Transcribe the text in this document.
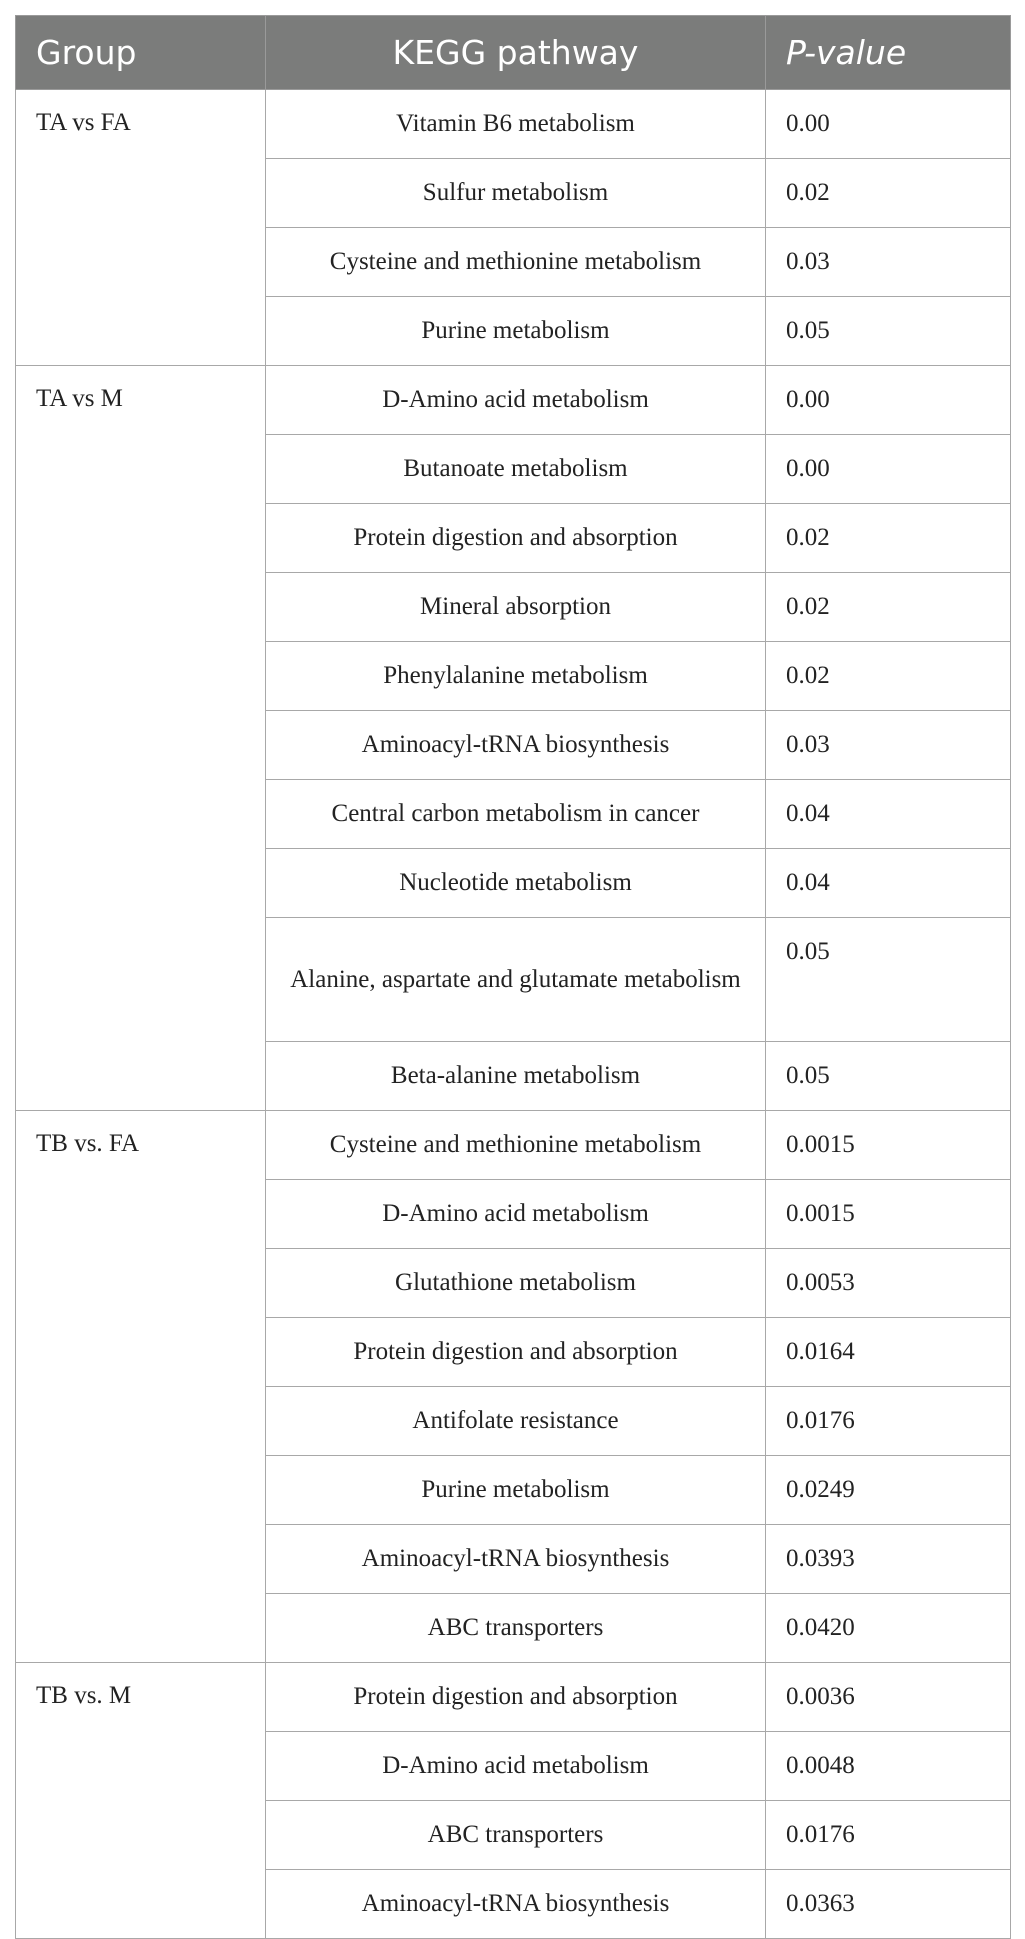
Group	KEGG pathway	P-value
TA vs FA	Vitamin B6 metabolism	0.00
	Sulfur metabolism	0.02
	Cysteine and methionine metabolism	0.03
	Purine metabolism	0.05
TA vs M	D-Amino acid metabolism	0.00
	Butanoate metabolism	0.00
	Protein digestion and absorption	0.02
	Mineral absorption	0.02
	Phenylalanine metabolism	0.02
	Aminoacyl-tRNA biosynthesis	0.03
	Central carbon metabolism in cancer	0.04
	Nucleotide metabolism	0.04
	Alanine, aspartate and glutamate metabolism	0.05
	Beta-alanine metabolism	0.05
TB vs. FA	Cysteine and methionine metabolism	0.0015
	D-Amino acid metabolism	0.0015
	Glutathione metabolism	0.0053
	Protein digestion and absorption	0.0164
	Antifolate resistance	0.0176
	Purine metabolism	0.0249
	Aminoacyl-tRNA biosynthesis	0.0393
	ABC transporters	0.0420
TB vs. M	Protein digestion and absorption	0.0036
	D-Amino acid metabolism	0.0048
	ABC transporters	0.0176
	Aminoacyl-tRNA biosynthesis	0.0363
